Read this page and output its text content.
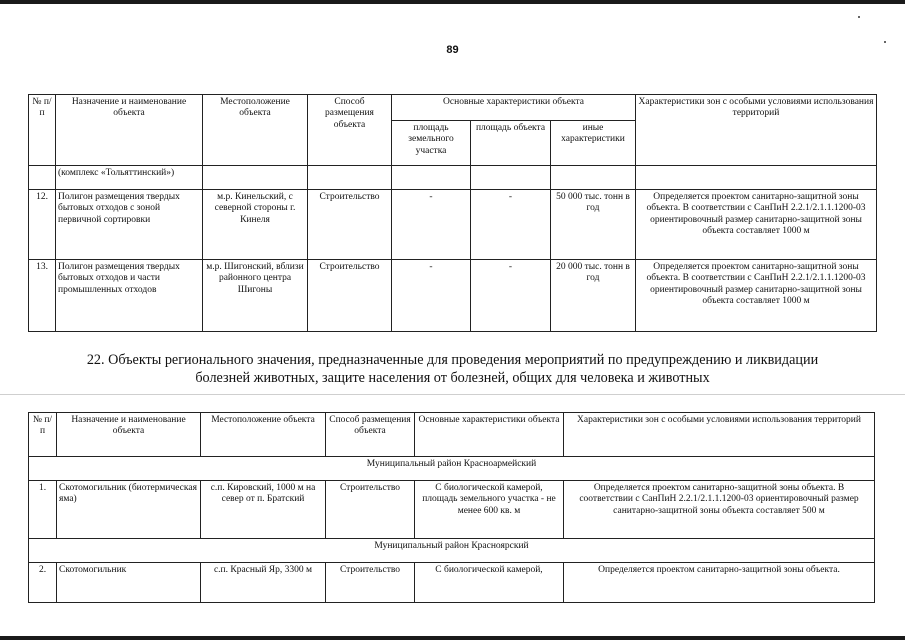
89
№ п/п	Назначение и наименование объекта	Местоположение объекта	Способ размещения объекта	Основные характеристики объекта			Характеристики зон с особыми условиями использования территорий
				площадь земельного участка	площадь объекта	иные характеристики	
	(комплекс «Тольяттинский»)						
12.	Полигон размещения твердых бытовых отходов с зоной первичной сортировки	м.р. Кинельский, с северной стороны г. Кинеля	Строительство	-	-	50 000 тыс. тонн в год	Определяется проектом санитарно-защитной зоны объекта. В соответствии с СанПиН 2.2.1/2.1.1.1200-03 ориентировочный размер санитарно-защитной зоны объекта составляет 1000 м
13.	Полигон размещения твердых бытовых отходов и части промышленных отходов	м.р. Шигонский, вблизи районного центра Шигоны	Строительство	-	-	20 000 тыс. тонн в год	Определяется проектом санитарно-защитной зоны объекта. В соответствии с СанПиН 2.2.1/2.1.1.1200-03 ориентировочный размер санитарно-защитной зоны объекта составляет 1000 м
22. Объекты регионального значения, предназначенные для проведения мероприятий по предупреждению и ликвидации
болезней животных, защите населения от болезней, общих для человека и животных
№ п/п	Назначение и наименование объекта	Местоположение объекта	Способ размещения объекта	Основные характеристики объекта	Характеристики зон с особыми условиями использования территорий
Муниципальный район Красноармейский					
1.	Скотомогильник (биотермическая яма)	с.п. Кировский, 1000 м на север от п. Братский	Строительство	С биологической камерой, площадь земельного участка - не менее 600 кв. м	Определяется проектом санитарно-защитной зоны объекта. В соответствии с СанПиН 2.2.1/2.1.1.1200-03 ориентировочный размер санитарно-защитной зоны объекта составляет 500 м
Муниципальный район Красноярский					
2.	Скотомогильник	с.п. Красный Яр, 3300 м	Строительство	С биологической камерой,	Определяется проектом санитарно-защитной зоны объекта.
